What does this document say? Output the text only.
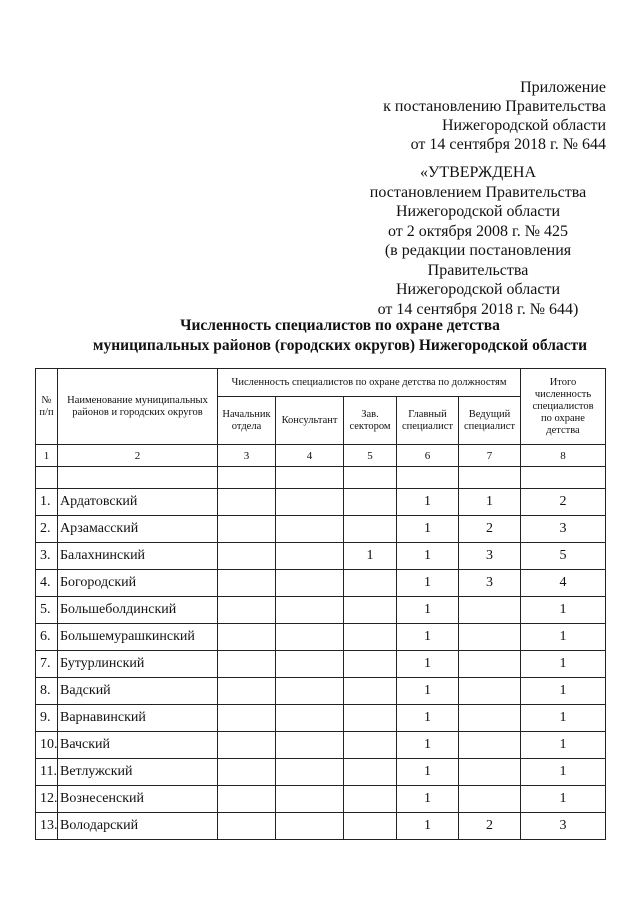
Приложение
к постановлению Правительства
Нижегородской области
от 14 сентября 2018 г. № 644
«УТВЕРЖДЕНА
постановлением Правительства
Нижегородской области
от 2 октября 2008 г. № 425
(в редакции постановления
Правительства
Нижегородской области
от 14 сентября 2018 г. № 644)
Численность специалистов по охране детства
муниципальных районов (городских округов) Нижегородской области
№ п/п	Наименование муниципальных районов и городских округов	Численность специалистов по охране детства по должностям					Итого численность специалистов по охране детства
		Начальник отдела	Консультант	Зав. сектором	Главный специалист	Ведущий специалист	
1	2	3	4	5	6	7	8

1.	Ардатовский				1	1	2
2.	Арзамасский				1	2	3
3.	Балахнинский			1	1	3	5
4.	Богородский				1	3	4
5.	Большеболдинский				1		1
6.	Большемурашкинский				1		1
7.	Бутурлинский				1		1
8.	Вадский				1		1
9.	Варнавинский				1		1
10.	Вачский				1		1
11.	Ветлужский				1		1
12.	Вознесенский				1		1
13.	Володарский				1	2	3
